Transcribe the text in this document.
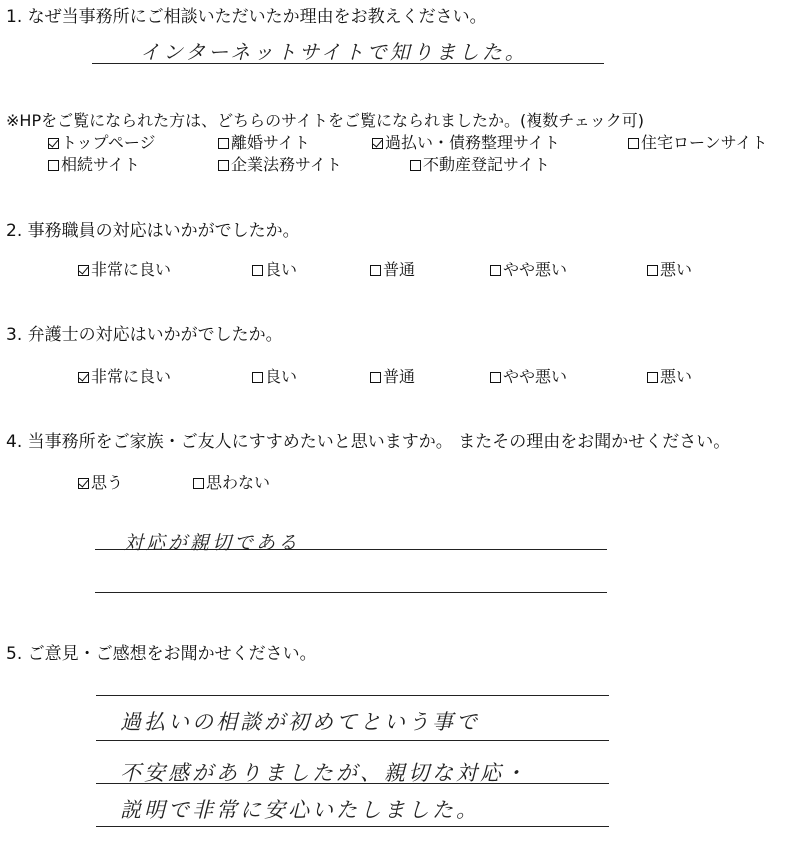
1. なぜ当事務所にご相談いただいたか理由をお教えください。
インターネットサイトで知りました。
※HPをご覧になられた方は、どちらのサイトをご覧になられましたか。(複数チェック可)
トップページ	離婚サイト	過払い・債務整理サイト	住宅ローンサイト
相続サイト	企業法務サイト	不動産登記サイト
2. 事務職員の対応はいかがでしたか。
非常に良い	良い	普通	やや悪い	悪い
3. 弁護士の対応はいかがでしたか。
非常に良い	良い	普通	やや悪い	悪い
4. 当事務所をご家族・ご友人にすすめたいと思いますか。 またその理由をお聞かせください。
思う	思わない
対応が親切である
5. ご意見・ご感想をお聞かせください。
過払いの相談が初めてという事で
不安感がありましたが、親切な対応・
説明で非常に安心いたしました。
